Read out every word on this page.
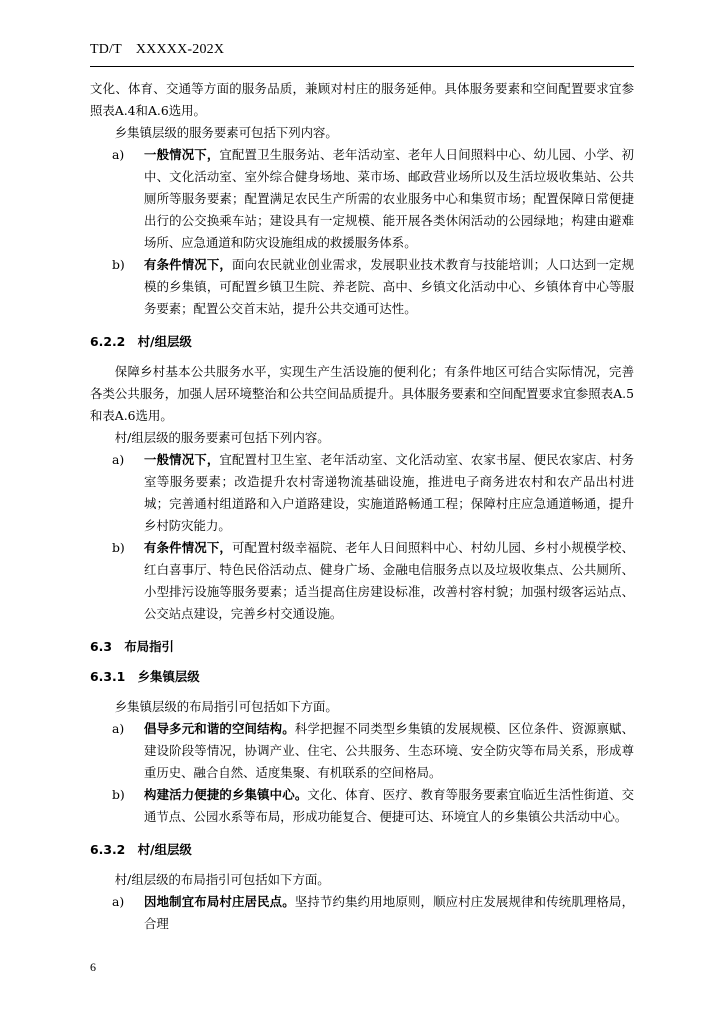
TD/T　XXXXX-202X

文化、体育、交通等方面的服务品质，兼顾对村庄的服务延伸。具体服务要素和空间配置要求宜参照表A.4和A.6选用。

乡集镇层级的服务要素可包括下列内容。

a)	一般情况下，宜配置卫生服务站、老年活动室、老年人日间照料中心、幼儿园、小学、初中、文化活动室、室外综合健身场地、菜市场、邮政营业场所以及生活垃圾收集站、公共厕所等服务要素；配置满足农民生产所需的农业服务中心和集贸市场；配置保障日常便捷出行的公交换乘车站；建设具有一定规模、能开展各类休闲活动的公园绿地；构建由避难场所、应急通道和防灾设施组成的救援服务体系。
b)	有条件情况下，面向农民就业创业需求，发展职业技术教育与技能培训；人口达到一定规模的乡集镇，可配置乡镇卫生院、养老院、高中、乡镇文化活动中心、乡镇体育中心等服务要素；配置公交首末站，提升公共交通可达性。
6.2.2　村/组层级

保障乡村基本公共服务水平，实现生产生活设施的便利化；有条件地区可结合实际情况，完善各类公共服务，加强人居环境整治和公共空间品质提升。具体服务要素和空间配置要求宜参照表A.5和表A.6选用。

村/组层级的服务要素可包括下列内容。

a)	一般情况下，宜配置村卫生室、老年活动室、文化活动室、农家书屋、便民农家店、村务室等服务要素；改造提升农村寄递物流基础设施，推进电子商务进农村和农产品出村进城；完善通村组道路和入户道路建设，实施道路畅通工程；保障村庄应急通道畅通，提升乡村防灾能力。
b)	有条件情况下，可配置村级幸福院、老年人日间照料中心、村幼儿园、乡村小规模学校、红白喜事厅、特色民俗活动点、健身广场、金融电信服务点以及垃圾收集点、公共厕所、小型排污设施等服务要素；适当提高住房建设标准，改善村容村貌；加强村级客运站点、公交站点建设，完善乡村交通设施。
6.3　布局指引
6.3.1　乡集镇层级

乡集镇层级的布局指引可包括如下方面。

a)	倡导多元和谐的空间结构。科学把握不同类型乡集镇的发展规模、区位条件、资源禀赋、建设阶段等情况，协调产业、住宅、公共服务、生态环境、安全防灾等布局关系，形成尊重历史、融合自然、适度集聚、有机联系的空间格局。
b)	构建活力便捷的乡集镇中心。文化、体育、医疗、教育等服务要素宜临近生活性街道、交通节点、公园水系等布局，形成功能复合、便捷可达、环境宜人的乡集镇公共活动中心。
6.3.2　村/组层级

村/组层级的布局指引可包括如下方面。

a)	因地制宜布局村庄居民点。坚持节约集约用地原则，顺应村庄发展规律和传统肌理格局，合理
6
